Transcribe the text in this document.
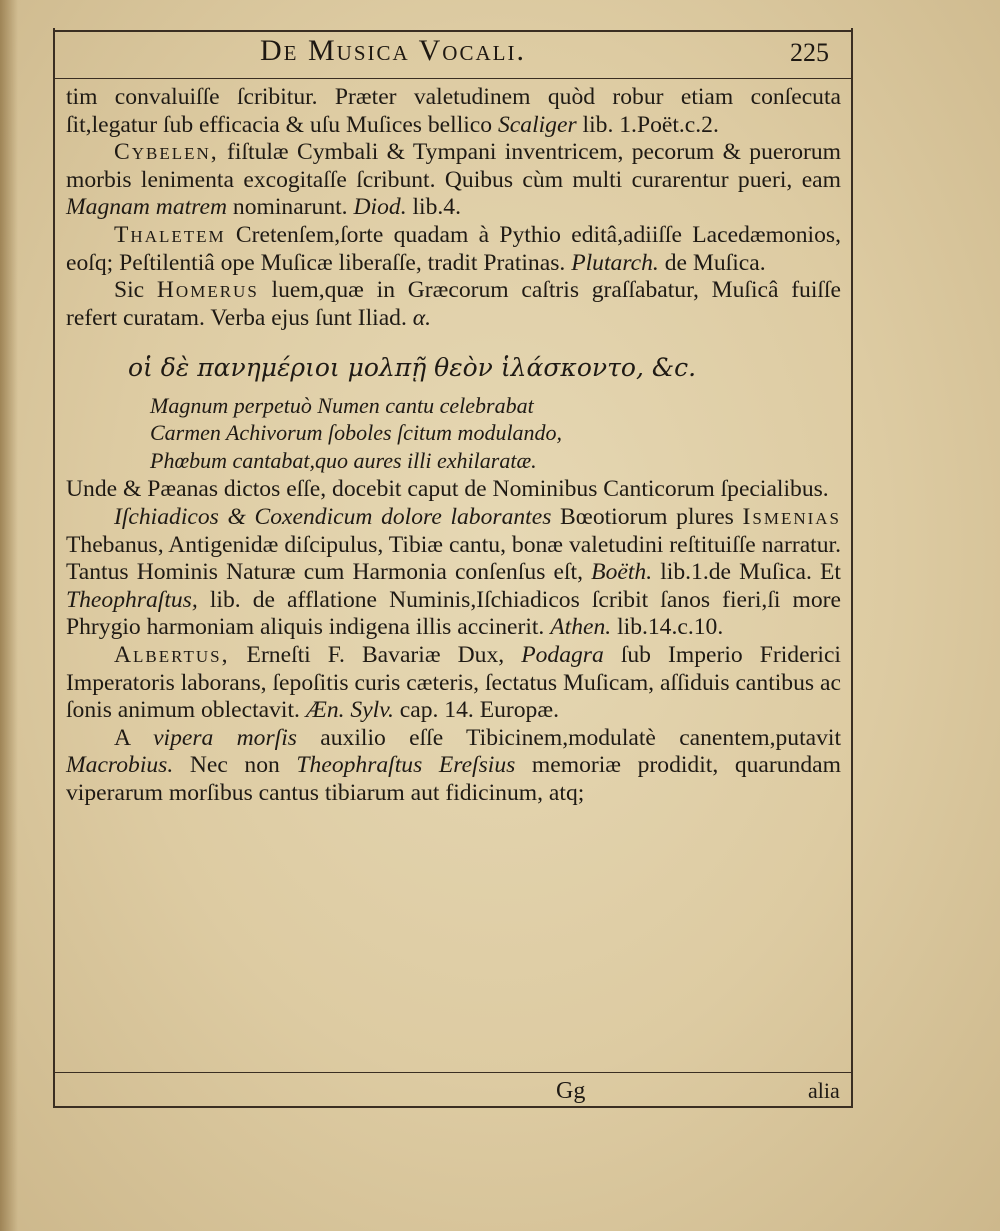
De Musica Vocali.	225

tim convaluiſſe ſcribitur. Præter valetudinem quòd robur etiam conſecuta ſit,legatur ſub efficacia & uſu Muſices bellico Scaliger lib. 1.Poët.c.2.

Cybelen, fiſtulæ Cymbali & Tympani inventricem, pecorum & puerorum morbis lenimenta excogitaſſe ſcribunt. Quibus cùm multi curarentur pueri, eam Magnam matrem nominarunt. Diod. lib.4.

Thaletem Cretenſem,ſorte quadam à Pythio editâ,adiiſſe Lacedæmonios, eoſq; Peſtilentiâ ope Muſicæ liberaſſe, tradit Pratinas. Plutarch. de Muſica.

Sic Homerus luem,quæ in Græcorum caſtris graſſabatur, Muſicâ fuiſſe refert curatam. Verba ejus ſunt Iliad. α.

οἱ δὲ πανημέριοι μολπῇ θεὸν ἱλάσκοντο, &c.

Magnum perpetuò Numen cantu celebrabat

Carmen Achivorum ſoboles ſcitum modulando,

Phœbum cantabat,quo aures illi exhilaratæ.

Unde & Pæanas dictos eſſe, docebit caput de Nominibus Canticorum ſpecialibus.

Iſchiadicos & Coxendicum dolore laborantes Bœotiorum plures Ismenias Thebanus, Antigenidæ diſcipulus, Tibiæ cantu, bonæ valetudini reſtituiſſe narratur. Tantus Hominis Naturæ cum Harmonia conſenſus eſt, Boëth. lib.1.de Muſica. Et Theophraſtus, lib. de afflatione Numinis,Iſchiadicos ſcribit ſanos fieri,ſi more Phrygio harmoniam aliquis indigena illis accinerit. Athen. lib.14.c.10.

Albertus, Erneſti F. Bavariæ Dux, Podagra ſub Imperio Friderici Imperatoris laborans, ſepoſitis curis cæteris, ſectatus Muſicam, aſſiduis cantibus ac ſonis animum oblectavit. Æn. Sylv. cap. 14. Europæ.

A vipera morſis auxilio eſſe Tibicinem,modulatè canentem,putavit Macrobius. Nec non Theophraſtus Ereſsius memoriæ prodidit, quarundam viperarum morſibus cantus tibiarum aut fidicinum, atq;

Gg	alia
